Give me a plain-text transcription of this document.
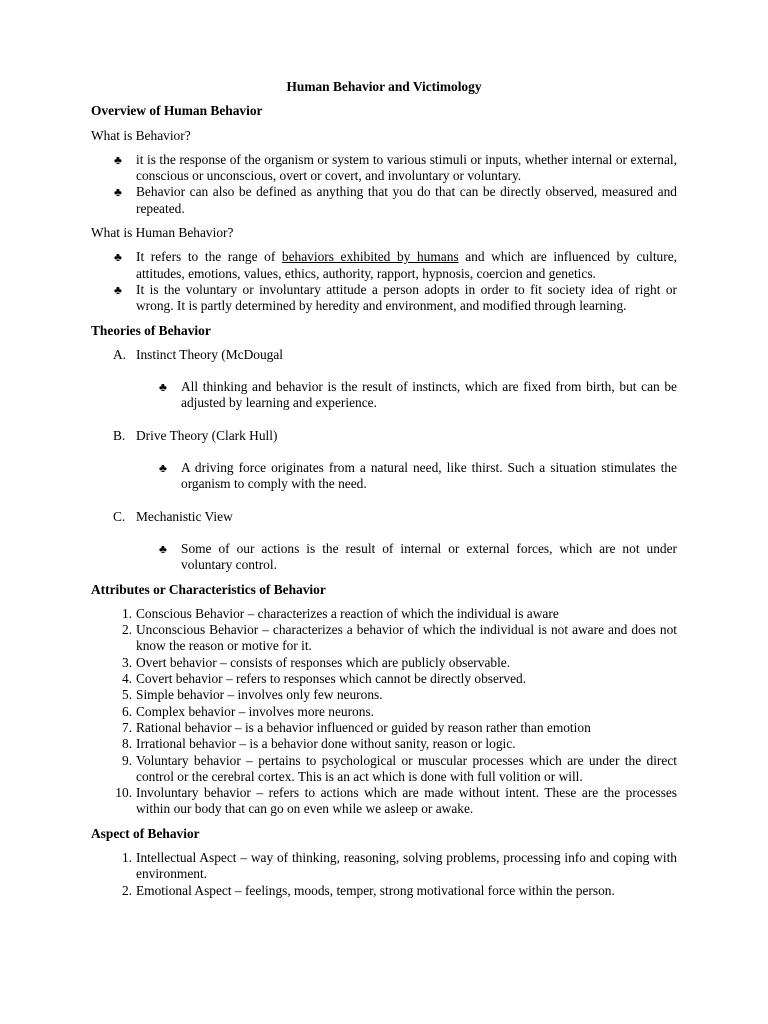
Human Behavior and Victimology
Overview of Human Behavior
What is Behavior?
♣ it is the response of the organism or system to various stimuli or inputs, whether internal or external, conscious or unconscious, overt or covert, and involuntary or voluntary.
♣ Behavior can also be defined as anything that you do that can be directly observed, measured and repeated.
What is Human Behavior?
♣ It refers to the range of behaviors exhibited by humans and which are influenced by culture, attitudes, emotions, values, ethics, authority, rapport, hypnosis, coercion and genetics.
♣ It is the voluntary or involuntary attitude a person adopts in order to fit society idea of right or wrong. It is partly determined by heredity and environment, and modified through learning.
Theories of Behavior
A. Instinct Theory (McDougal
♣ All thinking and behavior is the result of instincts, which are fixed from birth, but can be adjusted by learning and experience.
B. Drive Theory (Clark Hull)
♣ A driving force originates from a natural need, like thirst. Such a situation stimulates the organism to comply with the need.
C. Mechanistic View
♣ Some of our actions is the result of internal or external forces, which are not under voluntary control.
Attributes or Characteristics of Behavior
1. Conscious Behavior – characterizes a reaction of which the individual is aware
2. Unconscious Behavior – characterizes a behavior of which the individual is not aware and does not know the reason or motive for it.
3. Overt behavior – consists of responses which are publicly observable.
4. Covert behavior – refers to responses which cannot be directly observed.
5. Simple behavior – involves only few neurons.
6. Complex behavior – involves more neurons.
7. Rational behavior – is a behavior influenced or guided by reason rather than emotion
8. Irrational behavior – is a behavior done without sanity, reason or logic.
9. Voluntary behavior – pertains to psychological or muscular processes which are under the direct control or the cerebral cortex. This is an act which is done with full volition or will.
10. Involuntary behavior – refers to actions which are made without intent. These are the processes within our body that can go on even while we asleep or awake.
Aspect of Behavior
1. Intellectual Aspect – way of thinking, reasoning, solving problems, processing info and coping with environment.
2. Emotional Aspect – feelings, moods, temper, strong motivational force within the person.
